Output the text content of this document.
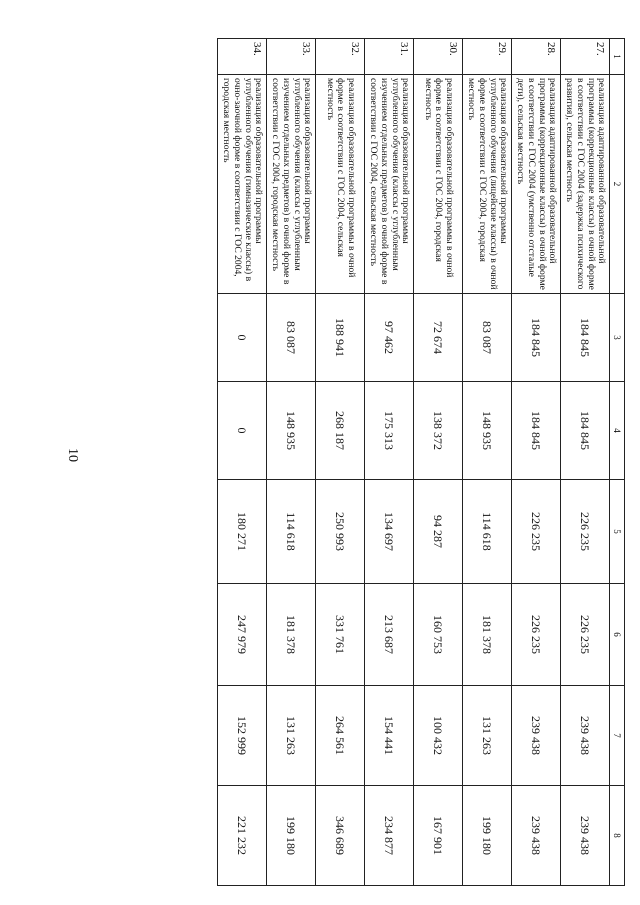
10
1	2	3	4	5	6	7	8
27.	реализация адаптированной образовательной программы (коррекционные классы) в очной форме в соответствии с ГОС 2004 (задержка психического развития), сельская местность	184 845	184 845	226 235	226 235	239 438	239 438
28.	реализация адаптированной образовательной программы (коррекционные классы) в очной форме в соответствии с ГОС 2004 (умственно отсталые дети), сельская местность	184 845	184 845	226 235	226 235	239 438	239 438
29.	реализация образовательной программы углубленного обучения (лицейские классы) в очной форме в соответствии с ГОС 2004, городская местность	83 087	148 935	114 618	181 378	131 263	199 180
30.	реализация образовательной программы в очной форме в соответствии с ГОС 2004, городская местность	72 674	138 372	94 287	160 753	100 432	167 901
31.	реализация образовательной программы углубленного обучения (классы с углубленным изучением отдельных предметов) в очной форме в соответствии с ГОС 2004, сельская местность	97 462	175 313	134 697	213 687	154 441	234 877
32.	реализация образовательной программы в очной форме в соответствии с ГОС 2004, сельская местность	188 941	268 187	250 993	331 761	264 561	346 689
33.	реализация образовательной программы углубленного обучения (классы с углубленным изучением отдельных предметов) в очной форме в соответствии с ГОС 2004, городская местность	83 087	148 935	114 618	181 378	131 263	199 180
34.	реализация образовательной программы углубленного обучения (гимназические классы) в очно-заочной форме в соответствии с ГОС 2004, городская местность	0	0	180 271	247 979	152 999	221 232
